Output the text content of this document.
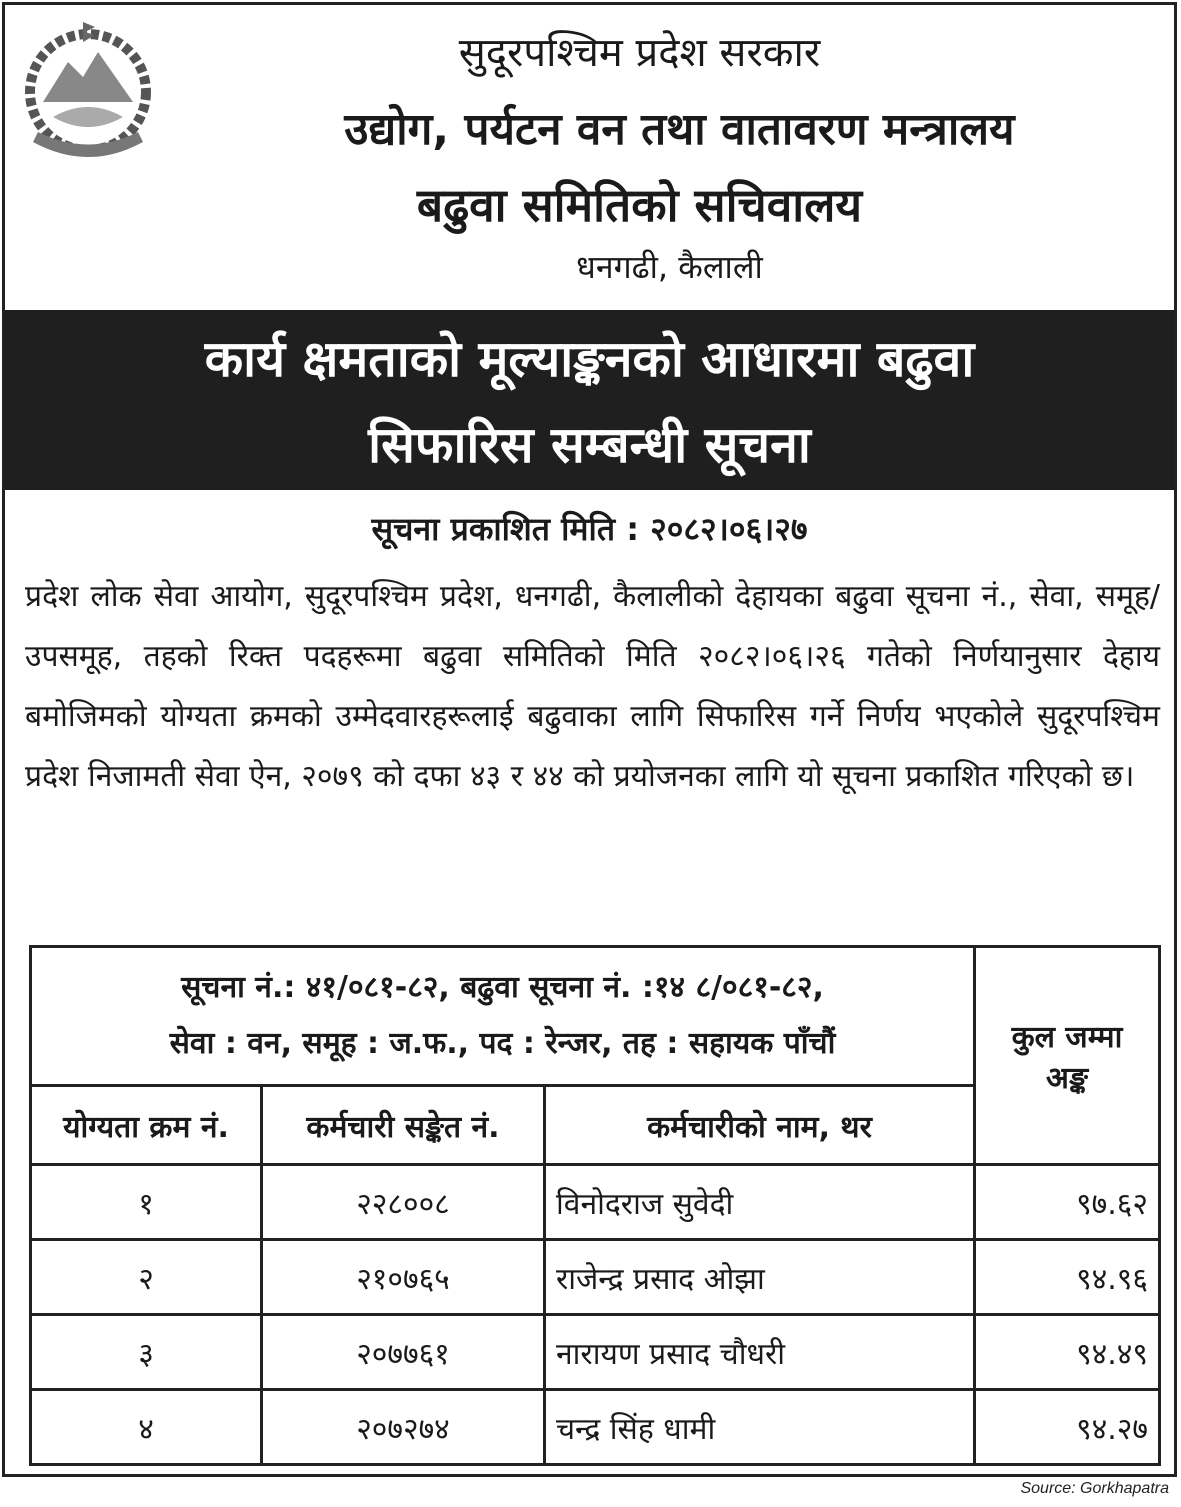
सुदूरपश्चिम प्रदेश सरकार
उद्योग, पर्यटन वन तथा वातावरण मन्त्रालय
बढुवा समितिको सचिवालय
धनगढी, कैलाली
कार्य क्षमताको मूल्याङ्कनको आधारमा बढुवा
सिफारिस सम्बन्धी सूचना
सूचना प्रकाशित मिति : २०८२।०६।२७
प्रदेश लोक सेवा आयोग, सुदूरपश्चिम प्रदेश, धनगढी, कैलालीको देहायका बढुवा सूचना नं., सेवा, समूह/उपसमूह, तहको रिक्त पदहरूमा बढुवा समितिको मिति २०८२।०६।२६ गतेको निर्णयानुसार देहाय बमोजिमको योग्यता क्रमको उम्मेदवारहरूलाई बढुवाका लागि सिफारिस गर्ने निर्णय भएकोले सुदूरपश्चिम प्रदेश निजामती सेवा ऐन, २०७९ को दफा ४३ र ४४ को प्रयोजनका लागि यो सूचना प्रकाशित गरिएको छ।
सूचना नं.: ४१/०८१-८२, बढुवा सूचना नं. :१४ ८/०८१-८२,
सेवा : वन, समूह : ज.फ., पद : रेन्जर, तह : सहायक पाँचौं			कुल जम्मा अङ्क
योग्यता क्रम नं.	कर्मचारी सङ्केत नं.	कर्मचारीको नाम, थर	
१	२२८००८	विनोदराज सुवेदी	९७.६२
२	२१०७६५	राजेन्द्र प्रसाद ओझा	९४.९६
३	२०७७६१	नारायण प्रसाद चौधरी	९४.४९
४	२०७२७४	चन्द्र सिंह धामी	९४.२७
Source: Gorkhapatra
